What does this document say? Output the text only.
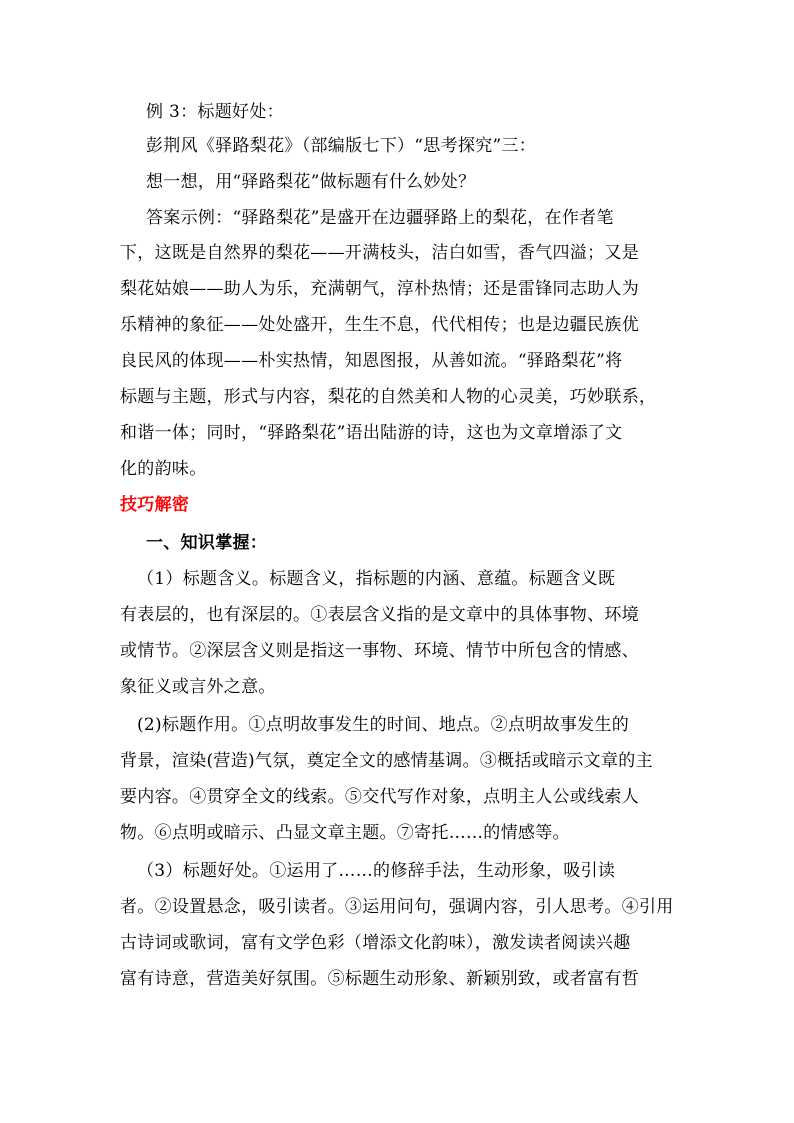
例 3：标题好处：
彭荆风《驿路梨花》（部编版七下）“思考探究”三：
想一想，用“驿路梨花”做标题有什么妙处？
答案示例：“驿路梨花”是盛开在边疆驿路上的梨花，在作者笔
下，这既是自然界的梨花——开满枝头，洁白如雪，香气四溢；又是
梨花姑娘——助人为乐，充满朝气，淳朴热情；还是雷锋同志助人为
乐精神的象征——处处盛开，生生不息，代代相传；也是边疆民族优
良民风的体现——朴实热情，知恩图报，从善如流。“驿路梨花”将
标题与主题，形式与内容，梨花的自然美和人物的心灵美，巧妙联系，
和谐一体；同时，“驿路梨花”语出陆游的诗，这也为文章增添了文
化的韵味。
技巧解密
一、知识掌握：
（1）标题含义。标题含义，指标题的内涵、意蕴。标题含义既
有表层的，也有深层的。①表层含义指的是文章中的具体事物、环境
或情节。②深层含义则是指这一事物、环境、情节中所包含的情感、
象征义或言外之意。
(2)标题作用。①点明故事发生的时间、地点。②点明故事发生的
背景，渲染(营造)气氛，奠定全文的感情基调。③概括或暗示文章的主
要内容。④贯穿全文的线索。⑤交代写作对象，点明主人公或线索人
物。⑥点明或暗示、凸显文章主题。⑦寄托……的情感等。
（3）标题好处。①运用了……的修辞手法，生动形象，吸引读
者。②设置悬念，吸引读者。③运用问句，强调内容，引人思考。④引用
古诗词或歌词，富有文学色彩（增添文化韵味），激发读者阅读兴趣
富有诗意，营造美好氛围。⑤标题生动形象、新颖别致，或者富有哲
